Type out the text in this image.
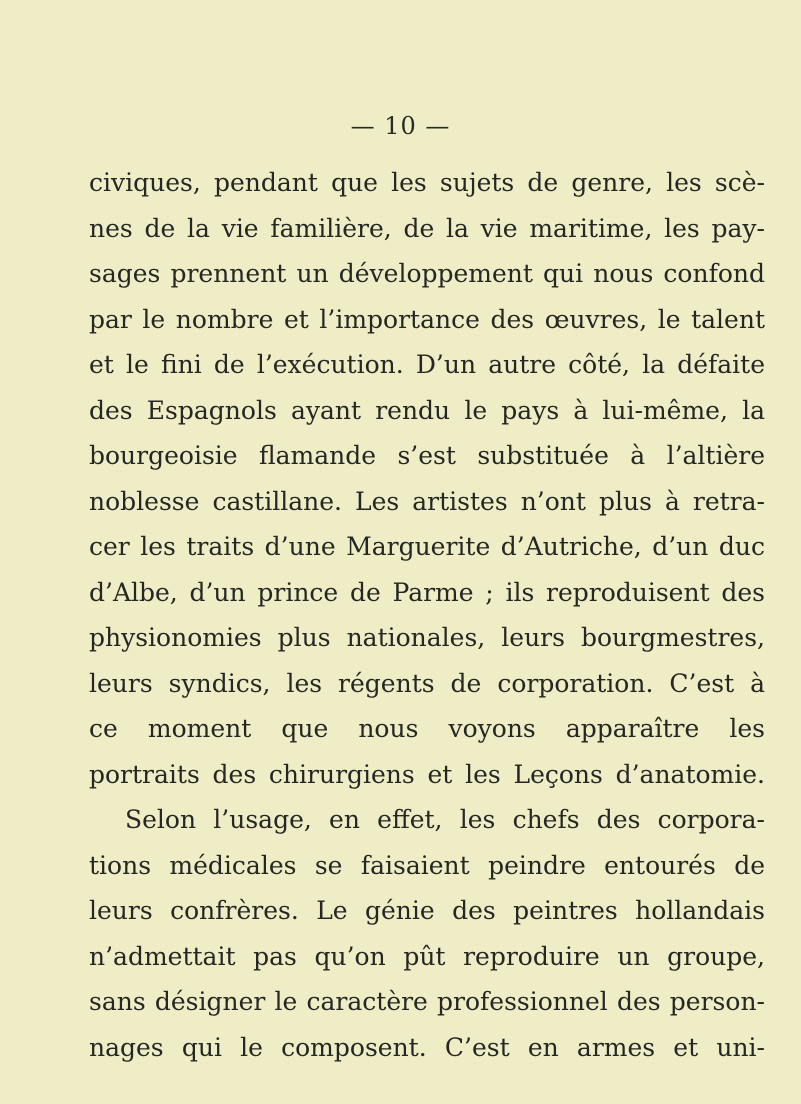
— 10 —
civiques, pendant que les sujets de genre, les scè-
nes de la vie familière, de la vie maritime, les pay-
sages prennent un développement qui nous confond
par le nombre et l’importance des œuvres, le talent
et le fini de l’exécution. D’un autre côté, la défaite
des Espagnols ayant rendu le pays à lui-même, la
bourgeoisie flamande s’est substituée à l’altière
noblesse castillane. Les artistes n’ont plus à retra-
cer les traits d’une Marguerite d’Autriche, d’un duc
d’Albe, d’un prince de Parme ; ils reproduisent des
physionomies plus nationales, leurs bourgmestres,
leurs syndics, les régents de corporation. C’est à
ce moment que nous voyons apparaître les
portraits des chirurgiens et les Leçons d’anatomie.
Selon l’usage, en effet, les chefs des corpora-
tions médicales se faisaient peindre entourés de
leurs confrères. Le génie des peintres hollandais
n’admettait pas qu’on pût reproduire un groupe,
sans désigner le caractère professionnel des person-
nages qui le composent. C’est en armes et uni-
